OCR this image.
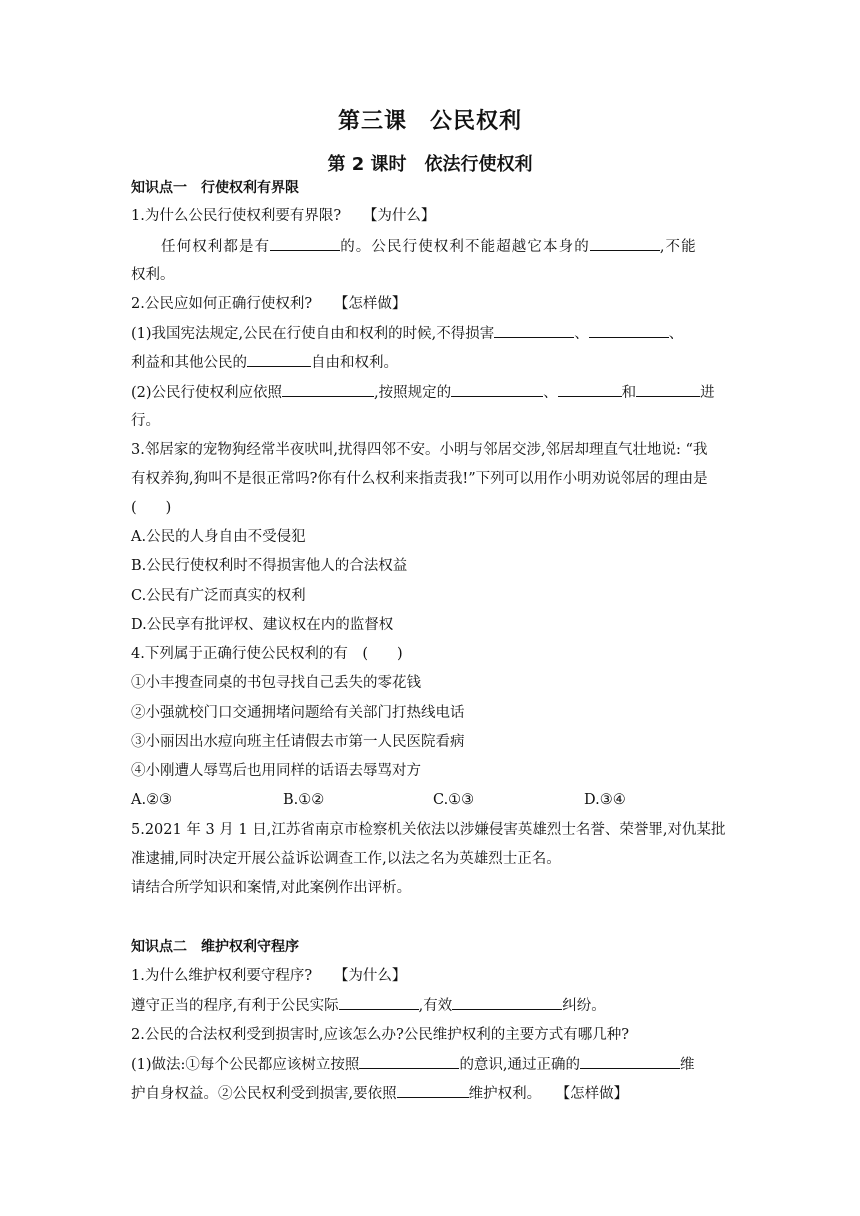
第三课　公民权利
第 2 课时　依法行使权利
知识点一　行使权利有界限
1.为什么公民行使权利要有界限?　　【为什么】
任何权利都是有	的。公民行使权利不能超越它本身的	,不能
权利。
2.公民应如何正确行使权利?　　【怎样做】
(1)我国宪法规定,公民在行使自由和权利的时候,不得损害	、	、
利益和其他公民的	自由和权利。
(2)公民行使权利应依照	,按照规定的	、	和	进
行。
3.邻居家的宠物狗经常半夜吠叫,扰得四邻不安。小明与邻居交涉,邻居却理直气壮地说: “我
有权养狗,狗叫不是很正常吗?你有什么权利来指责我!”下列可以用作小明劝说邻居的理由是
(　　)
A.公民的人身自由不受侵犯
B.公民行使权利时不得损害他人的合法权益
C.公民有广泛而真实的权利
D.公民享有批评权、建议权在内的监督权
4.下列属于正确行使公民权利的有　(　　)
①小丰搜查同桌的书包寻找自己丢失的零花钱
②小强就校门口交通拥堵问题给有关部门打热线电话
③小丽因出水痘向班主任请假去市第一人民医院看病
④小刚遭人辱骂后也用同样的话语去辱骂对方
A.②③	B.①②	C.①③	D.③④
5.2021 年 3 月 1 日,江苏省南京市检察机关依法以涉嫌侵害英雄烈士名誉、荣誉罪,对仇某批
准逮捕,同时决定开展公益诉讼调查工作,以法之名为英雄烈士正名。
请结合所学知识和案情,对此案例作出评析。
知识点二　维护权利守程序
1.为什么维护权利要守程序?　　【为什么】
遵守正当的程序,有利于公民实际	,有效	纠纷。
2.公民的合法权利受到损害时,应该怎么办?公民维护权利的主要方式有哪几种?
(1)做法:①每个公民都应该树立按照	的意识,通过正确的	维
护自身权益。②公民权利受到损害,要依照	维护权利。　　【怎样做】
